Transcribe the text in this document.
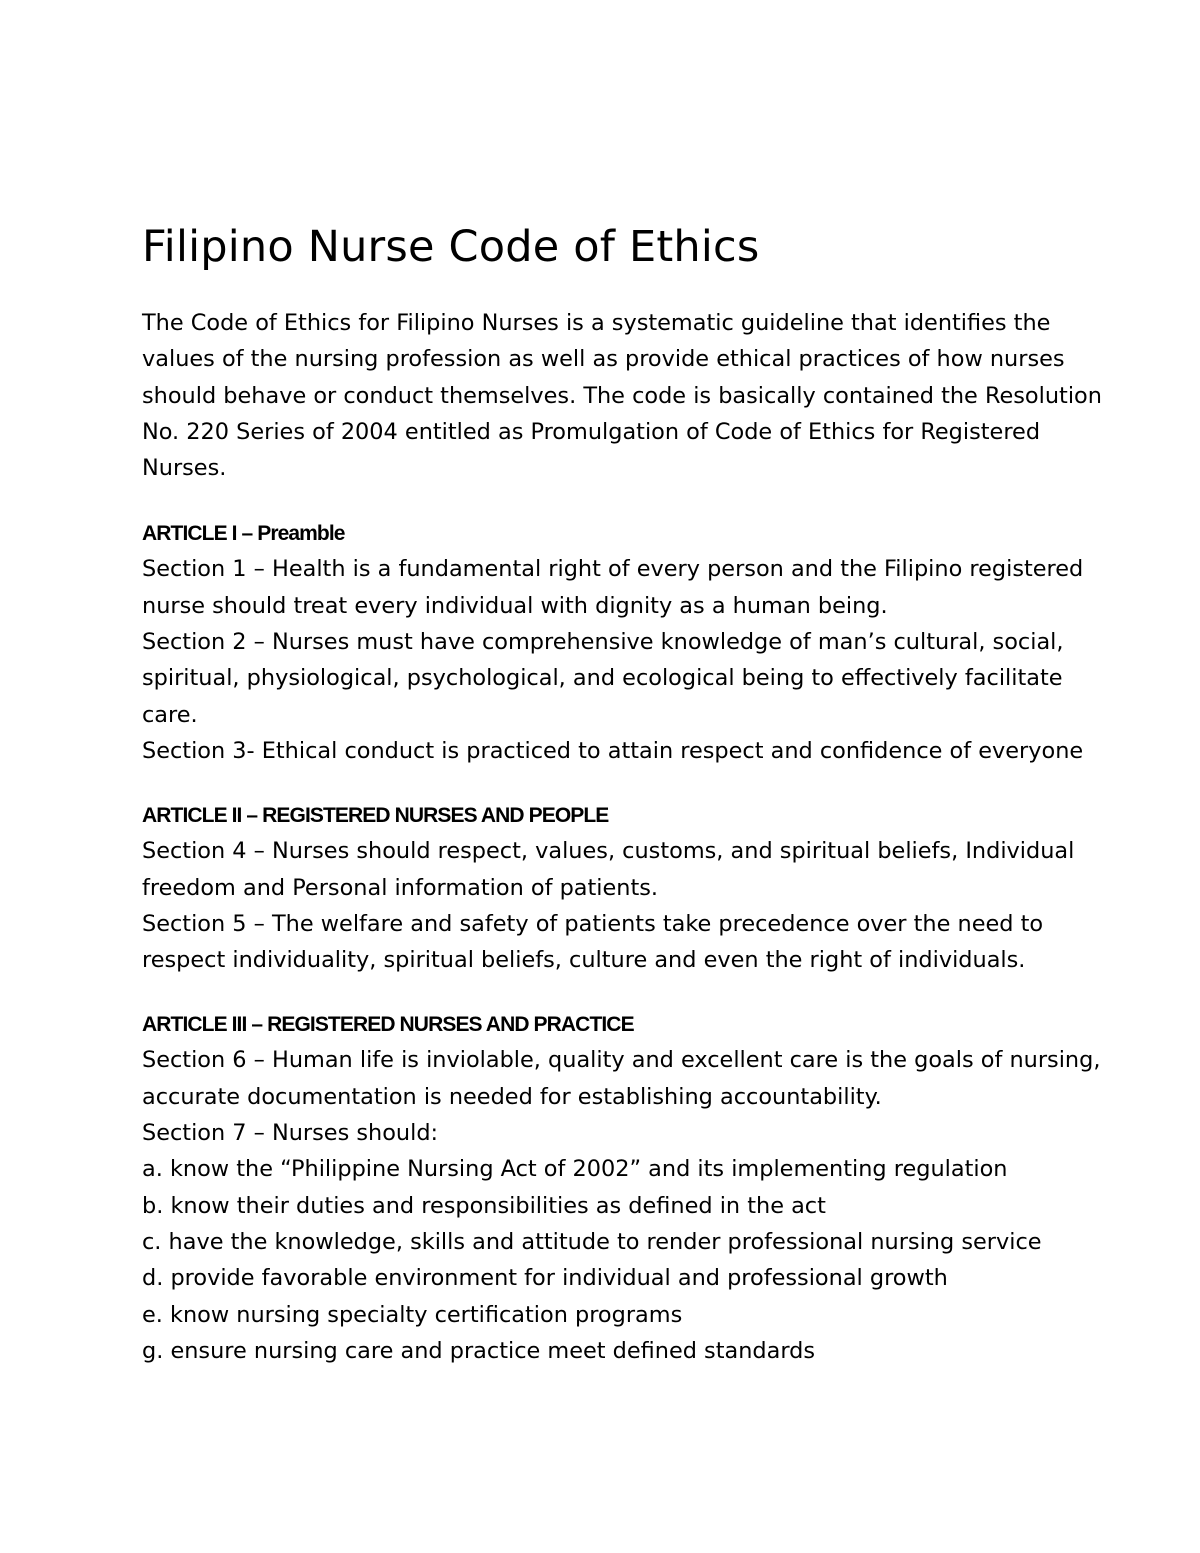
Filipino Nurse Code of Ethics

The Code of Ethics for Filipino Nurses is a systematic guideline that identifies the values of the nursing profession as well as provide ethical practices of how nurses should behave or conduct themselves. The code is basically contained the Resolution No. 220 Series of 2004 entitled as Promulgation of Code of Ethics for Registered Nurses.

ARTICLE I – Preamble
Section 1 – Health is a fundamental right of every person and the Filipino registered nurse should treat every individual with dignity as a human being.
Section 2 – Nurses must have comprehensive knowledge of man’s cultural, social, spiritual, physiological, psychological, and ecological being to effectively facilitate care.
Section 3- Ethical conduct is practiced to attain respect and confidence of everyone
ARTICLE II – REGISTERED NURSES AND PEOPLE
Section 4 – Nurses should respect, values, customs, and spiritual beliefs, Individual freedom and Personal information of patients.
Section 5 – The welfare and safety of patients take precedence over the need to respect individuality, spiritual beliefs, culture and even the right of individuals.
ARTICLE III – REGISTERED NURSES AND PRACTICE
Section 6 – Human life is inviolable, quality and excellent care is the goals of nursing, accurate documentation is needed for establishing accountability.
Section 7 – Nurses should:
a. know the “Philippine Nursing Act of 2002” and its implementing regulation
b. know their duties and responsibilities as defined in the act
c. have the knowledge, skills and attitude to render professional nursing service
d. provide favorable environment for individual and professional growth
e. know nursing specialty certification programs
g. ensure nursing care and practice meet defined standards
